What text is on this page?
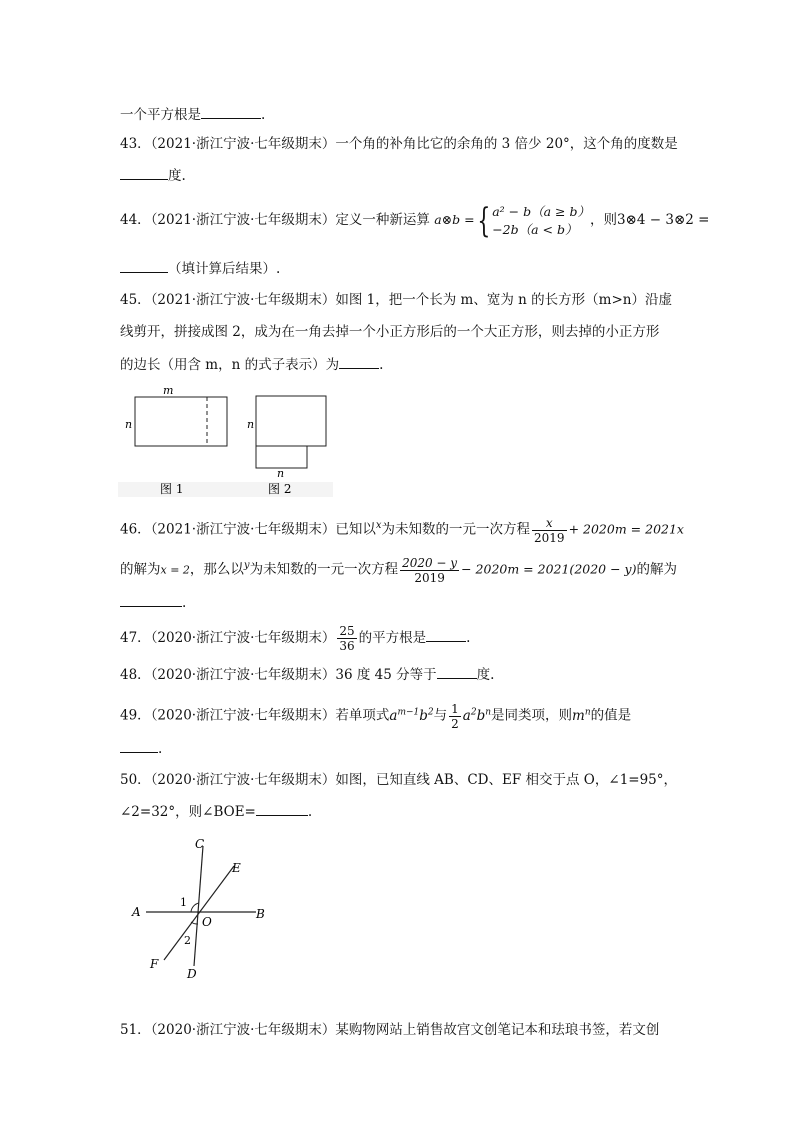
一个平方根是	.
43．（2021·浙江宁波·七年级期末）一个角的补角比它的余角的 3 倍少 20°，这个角的度数是
度.
44．（2021·浙江宁波·七年级期末）定义一种新运算 a⊗b ={ a² − b（a ≥ b）
−2b（a < b）
，则3⊗4 − 3⊗2 =
（填计算后结果）.
45．（2021·浙江宁波·七年级期末）如图 1，把一个长为 m、宽为 n 的长方形（m>n）沿虚
线剪开，拼接成图 2，成为在一角去掉一个小正方形后的一个大正方形，则去掉的小正方形
的边长（用含 m，n 的式子表示）为	.
m
n	n
n
图 1	图 2
46．（2021·浙江宁波·七年级期末）已知以$^x$为未知数的一元一次方程 $\frac{x}{2019} + 2020m = 2021x$
的解为x = 2，那么以$^y$为未知数的一元一次方程 $\frac{2020 - y}{2019} - 2020m = 2021(2020 - y)$的解为
.
47．（2020·浙江宁波·七年级期末） $\frac{25}{36}$ 的平方根是	.
48．（2020·浙江宁波·七年级期末）36 度 45 分等于	度.
49．（2020·浙江宁波·七年级期末）若单项式$a^{m-1}b^2$与 $\frac{1}{2} a^2b^n$是同类项，则$m^n$的值是
.
50．（2020·浙江宁波·七年级期末）如图，已知直线 AB、CD、EF 相交于点 O，∠1=95°，
∠2=32°，则∠BOE=	.
C
E
A	B
O
F
D
1
2
51．（2020·浙江宁波·七年级期末）某购物网站上销售故宫文创笔记本和珐琅书签，若文创
